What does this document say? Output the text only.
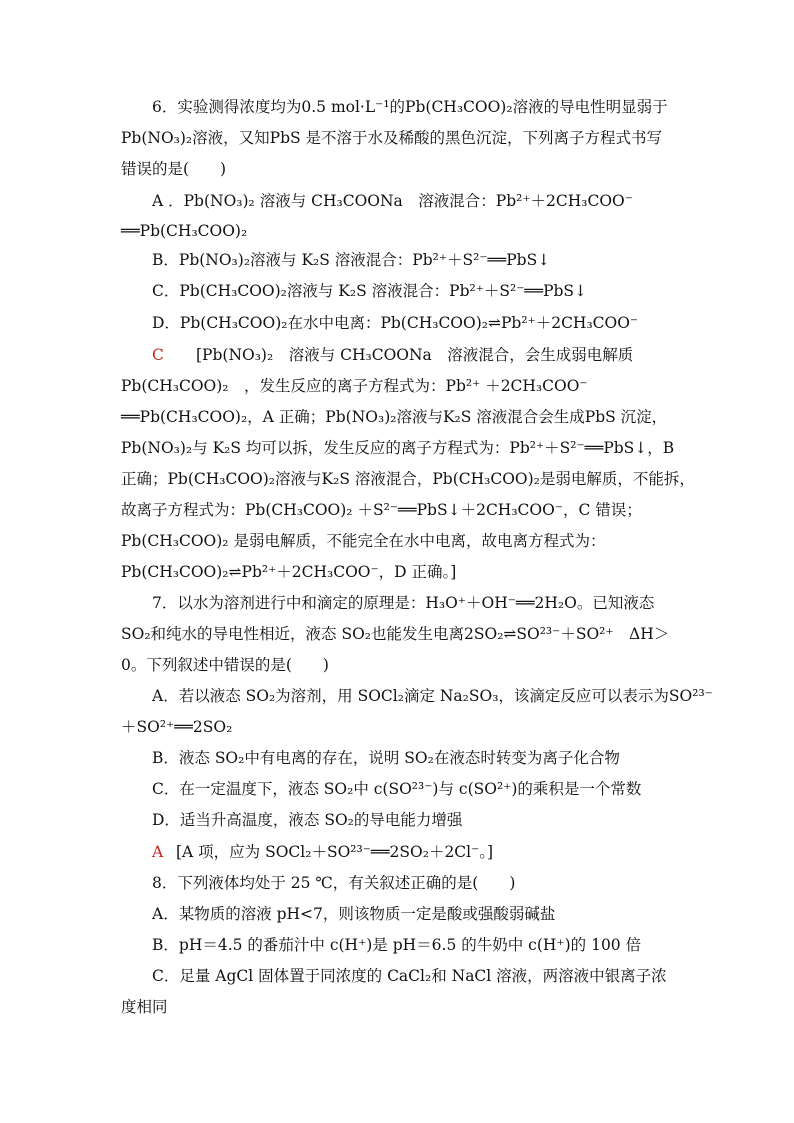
6．实验测得浓度均为0.5 mol·L⁻¹的Pb(CH₃COO)₂溶液的导电性明显弱于
Pb(NO₃)₂溶液，又知PbS 是不溶于水及稀酸的黑色沉淀，下列离子方程式书写
错误的是(　　)
A ．Pb(NO₃)₂ 溶液与 CH₃COONa　溶液混合：Pb²⁺＋2CH₃COO⁻
══Pb(CH₃COO)₂
B．Pb(NO₃)₂溶液与 K₂S 溶液混合：Pb²⁺＋S²⁻══PbS↓
C．Pb(CH₃COO)₂溶液与 K₂S 溶液混合：Pb²⁺＋S²⁻══PbS↓
D．Pb(CH₃COO)₂在水中电离：Pb(CH₃COO)₂⇌Pb²⁺＋2CH₃COO⁻
C [Pb(NO₃)₂　溶液与 CH₃COONa　溶液混合，会生成弱电解质
Pb(CH₃COO)₂　，发生反应的离子方程式为：Pb²⁺ ＋2CH₃COO⁻
══Pb(CH₃COO)₂，A 正确；Pb(NO₃)₂溶液与K₂S 溶液混合会生成PbS 沉淀，
Pb(NO₃)₂与 K₂S 均可以拆，发生反应的离子方程式为：Pb²⁺＋S²⁻══PbS↓，B
正确；Pb(CH₃COO)₂溶液与K₂S 溶液混合，Pb(CH₃COO)₂是弱电解质，不能拆，
故离子方程式为：Pb(CH₃COO)₂ ＋S²⁻══PbS↓＋2CH₃COO⁻，C 错误；
Pb(CH₃COO)₂ 是弱电解质，不能完全在水中电离，故电离方程式为：
Pb(CH₃COO)₂⇌Pb²⁺＋2CH₃COO⁻，D 正确。]
7．以水为溶剂进行中和滴定的原理是：H₃O⁺＋OH⁻══2H₂O。已知液态
SO₂和纯水的导电性相近，液态 SO₂也能发生电离2SO₂⇌SO²³⁻＋SO²⁺　ΔH＞
0。下列叙述中错误的是(　　)
A．若以液态 SO₂为溶剂，用 SOCl₂滴定 Na₂SO₃，该滴定反应可以表示为SO²³⁻
＋SO²⁺══2SO₂
B．液态 SO₂中有电离的存在，说明 SO₂在液态时转变为离子化合物
C．在一定温度下，液态 SO₂中 c(SO²³⁻)与 c(SO²⁺)的乘积是一个常数
D．适当升高温度，液态 SO₂的导电能力增强
A [A 项，应为 SOCl₂＋SO²³⁻══2SO₂＋2Cl⁻。]
8．下列液体均处于 25 ℃，有关叙述正确的是(　　)
A．某物质的溶液 pH<7，则该物质一定是酸或强酸弱碱盐
B．pH＝4.5 的番茄汁中 c(H⁺)是 pH＝6.5 的牛奶中 c(H⁺)的 100 倍
C．足量 AgCl 固体置于同浓度的 CaCl₂和 NaCl 溶液，两溶液中银离子浓
度相同
